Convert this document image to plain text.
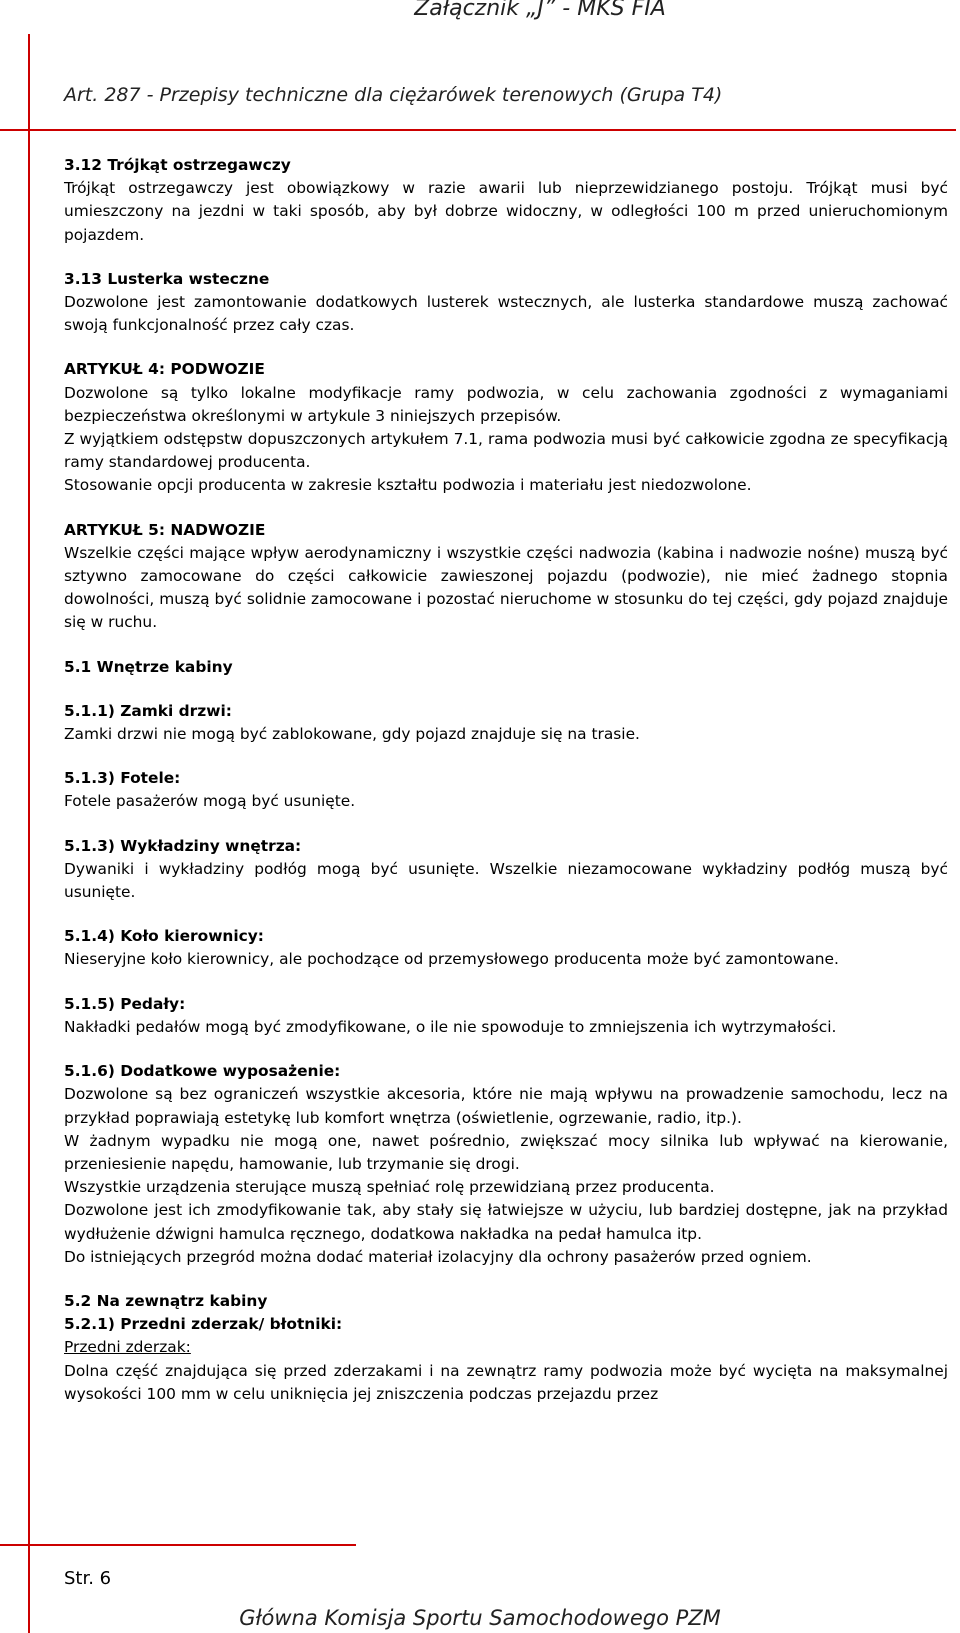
Załącznik „J” - MKS FIA
Art. 287 - Przepisy techniczne dla ciężarówek terenowych (Grupa T4)
3.12 Trójkąt ostrzegawczy

Trójkąt ostrzegawczy jest obowiązkowy w razie awarii lub nieprzewidzianego postoju. Trójkąt musi być umieszczony na jezdni w taki sposób, aby był dobrze widoczny, w odległości 100 m przed unieruchomionym pojazdem.

3.13 Lusterka wsteczne

Dozwolone jest zamontowanie dodatkowych lusterek wstecznych, ale lusterka standardowe muszą zachować swoją funkcjonalność przez cały czas.

ARTYKUŁ 4: PODWOZIE

Dozwolone są tylko lokalne modyfikacje ramy podwozia, w celu zachowania zgodności z wymaganiami bezpieczeństwa określonymi w artykule 3 niniejszych przepisów.

Z wyjątkiem odstępstw dopuszczonych artykułem 7.1, rama podwozia musi być całkowicie zgodna ze specyfikacją ramy standardowej producenta.

Stosowanie opcji producenta w zakresie kształtu podwozia i materiału jest niedozwolone.

ARTYKUŁ 5: NADWOZIE

Wszelkie części mające wpływ aerodynamiczny i wszystkie części nadwozia (kabina i nadwozie nośne) muszą być sztywno zamocowane do części całkowicie zawieszonej pojazdu (podwozie), nie mieć żadnego stopnia dowolności, muszą być solidnie zamocowane i pozostać nieruchome w stosunku do tej części, gdy pojazd znajduje się w ruchu.

5.1 Wnętrze kabiny
5.1.1) Zamki drzwi:

Zamki drzwi nie mogą być zablokowane, gdy pojazd znajduje się na trasie.

5.1.3) Fotele:

Fotele pasażerów mogą być usunięte.

5.1.3) Wykładziny wnętrza:

Dywaniki i wykładziny podłóg mogą być usunięte. Wszelkie niezamocowane wykładziny podłóg muszą być usunięte.

5.1.4) Koło kierownicy:

Nieseryjne koło kierownicy, ale pochodzące od przemysłowego producenta może być zamontowane.

5.1.5) Pedały:

Nakładki pedałów mogą być zmodyfikowane, o ile nie spowoduje to zmniejszenia ich wytrzymałości.

5.1.6) Dodatkowe wyposażenie:

Dozwolone są bez ograniczeń wszystkie akcesoria, które nie mają wpływu na prowadzenie samochodu, lecz na przykład poprawiają estetykę lub komfort wnętrza (oświetlenie, ogrzewanie, radio, itp.).

W żadnym wypadku nie mogą one, nawet pośrednio, zwiększać mocy silnika lub wpływać na kierowanie, przeniesienie napędu, hamowanie, lub trzymanie się drogi.

Wszystkie urządzenia sterujące muszą spełniać rolę przewidzianą przez producenta.

Dozwolone jest ich zmodyfikowanie tak, aby stały się łatwiejsze w użyciu, lub bardziej dostępne, jak na przykład wydłużenie dźwigni hamulca ręcznego, dodatkowa nakładka na pedał hamulca itp.

Do istniejących przegród można dodać materiał izolacyjny dla ochrony pasażerów przed ogniem.

5.2 Na zewnątrz kabiny
5.2.1) Przedni zderzak/ błotniki:

Przedni zderzak:

Dolna część znajdująca się przed zderzakami i na zewnątrz ramy podwozia może być wycięta na maksymalnej wysokości 100 mm w celu uniknięcia jej zniszczenia podczas przejazdu przez

Str. 6
Główna Komisja Sportu Samochodowego PZM
